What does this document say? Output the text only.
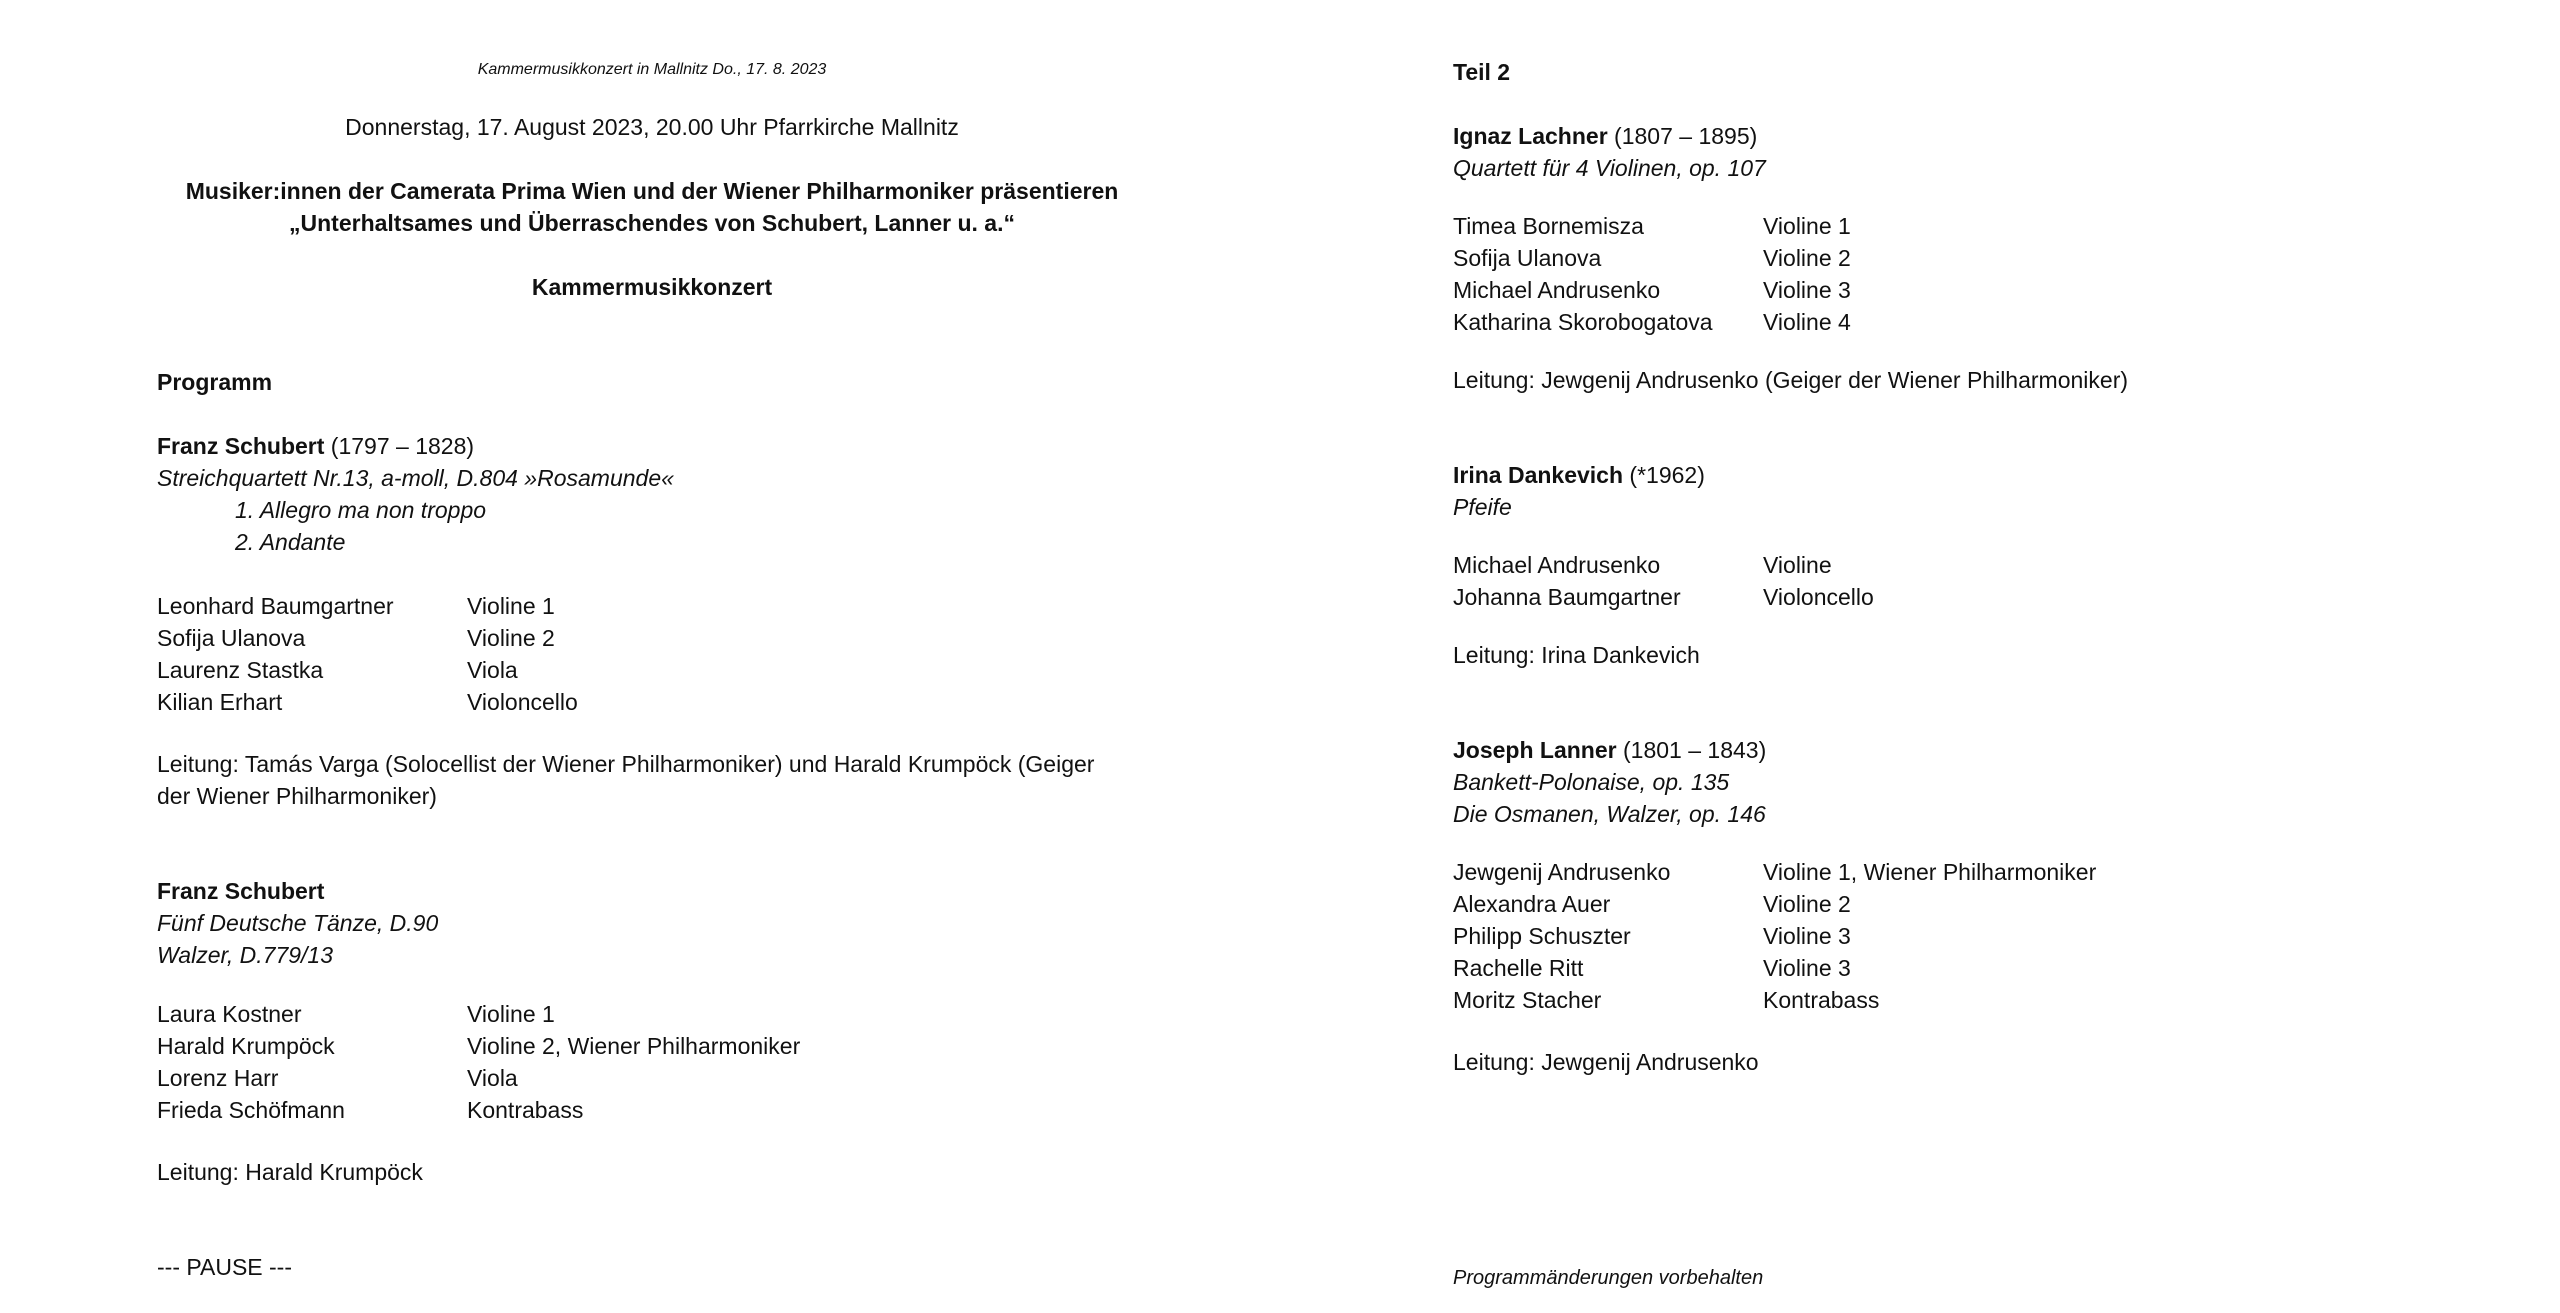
Kammermusikkonzert in Mallnitz Do., 17. 8. 2023
Donnerstag, 17. August 2023, 20.00 Uhr Pfarrkirche Mallnitz
Musiker:innen der Camerata Prima Wien und der Wiener Philharmoniker präsentieren
„Unterhaltsames und Überraschendes von Schubert, Lanner u. a.“
Kammermusikkonzert
Programm
Franz Schubert (1797 – 1828)
Streichquartett Nr.13, a-moll, D.804 »Rosamunde«
1. Allegro ma non troppo
2. Andante
Leonhard Baumgartner	Violine 1
Sofija Ulanova	Violine 2
Laurenz Stastka	Viola
Kilian Erhart	Violoncello
Leitung: Tamás Varga (Solocellist der Wiener Philharmoniker) und Harald Krumpöck (Geiger
der Wiener Philharmoniker)
Franz Schubert
Fünf Deutsche Tänze, D.90
Walzer, D.779/13
Laura Kostner	Violine 1
Harald Krumpöck	Violine 2, Wiener Philharmoniker
Lorenz Harr	Viola
Frieda Schöfmann	Kontrabass
Leitung: Harald Krumpöck
--- PAUSE ---
Teil 2
Ignaz Lachner (1807 – 1895)
Quartett für 4 Violinen, op. 107
Timea Bornemisza	Violine 1
Sofija Ulanova	Violine 2
Michael Andrusenko	Violine 3
Katharina Skorobogatova Violine 4
Leitung: Jewgenij Andrusenko (Geiger der Wiener Philharmoniker)
Irina Dankevich (*1962)
Pfeife
Michael Andrusenko	Violine
Johanna Baumgartner	Violoncello
Leitung: Irina Dankevich
Joseph Lanner (1801 – 1843)
Bankett-Polonaise, op. 135
Die Osmanen, Walzer, op. 146
Jewgenij Andrusenko	Violine 1, Wiener Philharmoniker
Alexandra Auer	Violine 2
Philipp Schuszter	Violine 3
Rachelle Ritt	Violine 3
Moritz Stacher	Kontrabass
Leitung: Jewgenij Andrusenko
Programmänderungen vorbehalten
